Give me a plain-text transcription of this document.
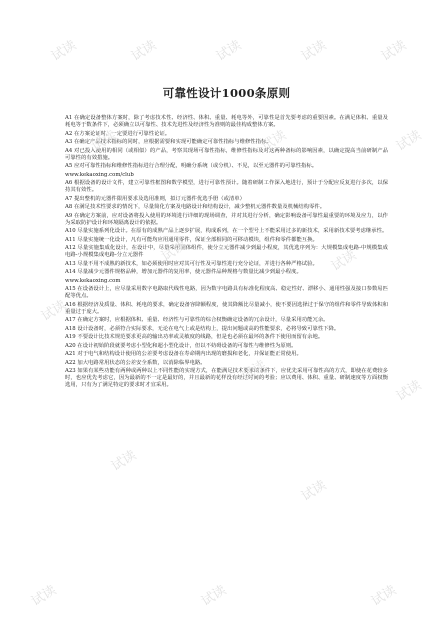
可靠性设计1000条原则

A1 在确定设备整体方案时，除了考虑技术性、经济性、体积、重量、耗电等外，可靠性是首先要考虑的重要因素。在满足体积、重量及耗电等于数条件下，必须确立以可靠性、技术先进性及经济性为准则的最佳构成整体方案。

A2 在方案论证时，一定要进行可靠性论证。

A3 在确定产品技术指标的同时，应根据需要和实现可能确定可靠性指标与维修性指标。

A4 对已投入使用的相同（或相似）的产品，考察其现场可靠性指标，维修性指标及对这两种备标的影响因素，以确定提高当前研制产品可靠性的有效措施。

A5 应对可靠性指标和维修性指标进行合理分配，明确分系统（或分机）、不见，以至元器件的可靠性指标。

www.kekaoxing.com/club

A6 根据设备的设计文件，建立可靠性框图和数学模型，进行可靠性预计。随着研制工作深入地进行，预计于分配应反复进行多次，以保持其有效性。

A7 提出整机的元器件限用要求及选用准则，拟订元器件优选手册（或清单）

A8 在满足技术性要求的情况下，尽量简化方案及电路设计和结构设计，减少整机元器件数量及机械结构零件。

A9 在确定方案前，应对设备将投入使用的环境进行详细的现场调查，并对其进行分析，确定影响设备可靠性最重要的环境及应力，以作为采取防护设计和环境隔离设计的依据。

A10 尽量实施系列化设计。在原有的成熟产品上逐步扩展，构成系列，在一个型号上不能采用过多的新技术，采用新技术要考虑继承性。

A11 尽量实施统一化设计，凡有可能均应用通用零件，保证全部相同的可移动模块，组件和零件都能互换。

A12 尽量实施集成化设计，在设计中，尽量采用固体组件，使分立元器件减少到最小程度，其优选序列为：大规模集成电路-中规模集成电路-小规模集成电路-分立元器件

A13 尽量不用不成熟的新技术，如必须使用时应对其可行性及可靠性进行充分论证，并进行各种严格试验。

A14 尽量减少元器件规格品种，增加元器件的复用率，使元器件品种规格与数量比减少到最小程度。

www.kekaoxing.com

A15 在设备设计上，应尽量采用数字电路取代线性电路，因为数字电路具有标准化程度高、稳定性好、漂移小、通用性强及接口参数易匹配等优点。

A16 根据经济及质量、体积、耗电的要求，确定设备容降额程度，使其降额比尽量减小，使不要因选择过于保守的组件和零件导致体积和重量过于庞大。

A17 在确定方案时，应根据体积、重量、经济性与可靠性的综合权衡确定设备的冗余设计，尽量采用功能冗余。

A18 设计设备时，必须符合实际要求，无论在电气上或是结构上，提出问题或高的性能要求，必将导致可靠性下降。

A19 不要设计比技术规范要求更高的输出功率或灵敏度的线路，但是也必须在最坏的条件下使用而留有余地。

A20 在设计初始阶段就要考虑小型化和超小型化设计，但以不妨碍设备的可靠性与维修性为原则。

A21 对于电气和结构设计使用的公差要考虑设备在寿命期内出现的磨损和老化，并保证能正常使用。

A22 加大电路常用状态的公差安全系数，以消除临界电路。

A23 如果有某些功能有两种或两种以上不同性能的实现方式，在能满足技术要求的条件下，应优先采用可靠性高的方式，即使在花费较多时，也应优先考虑它，因为最新的不一定是最好的，并且最新的花样没有经过时间的考验；应以费用、体积、重量、研制速度等方面权衡选用，只有为了满足特定的要求时才宜采用。

试读	试读	试读	试读	试读
试读	试读	试读
试读	试读
试读
试读
试读
试读
试读
试读	试读	试读
